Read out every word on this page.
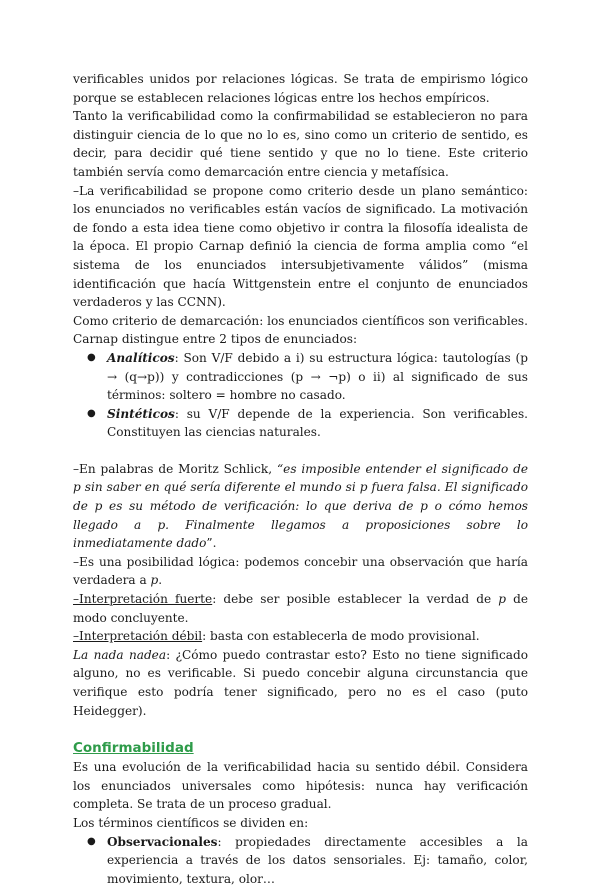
verificables unidos por relaciones lógicas. Se trata de empirismo lógico porque se establecen relaciones lógicas entre los hechos empíricos.

Tanto la verificabilidad como la confirmabilidad se establecieron no para distinguir ciencia de lo que no lo es, sino como un criterio de sentido, es decir, para decidir qué tiene sentido y que no lo tiene. Este criterio también servía como demarcación entre ciencia y metafísica.

–La verificabilidad se propone como criterio desde un plano semántico: los enunciados no verificables están vacíos de significado. La motivación de fondo a esta idea tiene como objetivo ir contra la filosofía idealista de la época. El propio Carnap definió la ciencia de forma amplia como “el sistema de los enunciados intersubjetivamente válidos” (misma identificación que hacía Wittgenstein entre el conjunto de enunciados verdaderos y las CCNN).

Como criterio de demarcación: los enunciados científicos son verificables. Carnap distingue entre 2 tipos de enunciados:

● Analíticos: Son V/F debido a i) su estructura lógica: tautologías (p → (q→p)) y contradicciones (p → ¬p) o ii) al significado de sus términos: soltero = hombre no casado.
● Sintéticos: su V/F depende de la experiencia. Son verificables. Constituyen las ciencias naturales.

–En palabras de Moritz Schlick, “es imposible entender el significado de p sin saber en qué sería diferente el mundo si p fuera falsa. El significado de p es su método de verificación: lo que deriva de p o cómo hemos llegado a p. Finalmente llegamos a proposiciones sobre lo inmediatamente dado”.

–Es una posibilidad lógica: podemos concebir una observación que haría verdadera a p.

–Interpretación fuerte: debe ser posible establecer la verdad de p de modo concluyente.

–Interpretación débil: basta con establecerla de modo provisional.

La nada nadea: ¿Cómo puedo contrastar esto? Esto no tiene significado alguno, no es verificable. Si puedo concebir alguna circunstancia que verifique esto podría tener significado, pero no es el caso (puto Heidegger).

Confirmabilidad

Es una evolución de la verificabilidad hacia su sentido débil. Considera los enunciados universales como hipótesis: nunca hay verificación completa. Se trata de un proceso gradual.

Los términos científicos se dividen en:

● Observacionales: propiedades directamente accesibles a la experiencia a través de los datos sensoriales. Ej: tamaño, color, movimiento, textura, olor…
